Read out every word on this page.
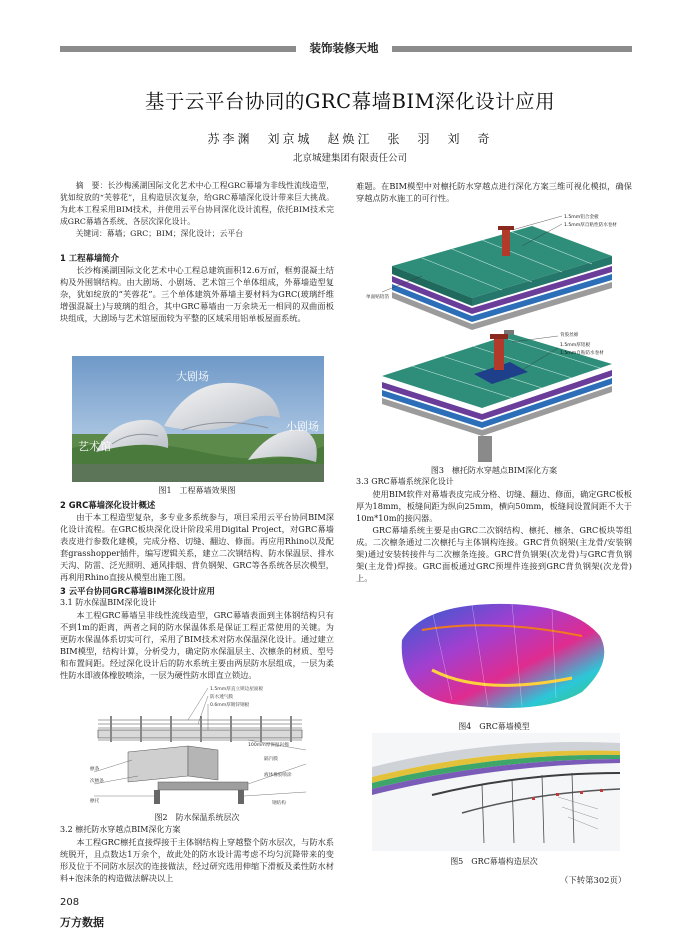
装饰装修天地
基于云平台协同的GRC幕墙BIM深化设计应用
苏李渊　刘京城　赵焕江　张　羽　刘　奇
北京城建集团有限责任公司

摘　要：长沙梅溪湖国际文化艺术中心工程GRC幕墙为非线性流线造型，犹如绽放的“芙蓉花”，且构造层次复杂，给GRC幕墙深化设计带来巨大挑战。为此本工程采用BIM技术，并使用云平台协同深化设计流程，依托BIM技术完成GRC幕墙各系统、各层次深化设计。

关键词：幕墙；GRC；BIM；深化设计；云平台

1 工程幕墙简介

长沙梅溪湖国际文化艺术中心工程总建筑面积12.6万㎡，框剪混凝土结构及外围钢结构。由大剧场、小剧场、艺术馆三个单体组成，外幕墙造型复杂，犹如绽放的“芙蓉花”。三个单体建筑外幕墙主要材料为GRC(玻璃纤维增强混凝土)与玻璃的组合，其中GRC幕墙由一万余块无一相同的双曲面板块组成，大剧场与艺术馆屋面较为平整的区域采用铝单板屋面系统。

大剧场
小剧场
艺术馆
图1　工程幕墙效果图

2 GRC幕墙深化设计概述

由于本工程造型复杂，多专业多系统参与，项目采用云平台协同BIM深化设计流程。在GRC板块深化设计阶段采用Digital Project，对GRC幕墙表皮进行参数化建模，完成分格、切缝、翻边、修面。再应用Rhino以及配套grasshopper插件，编写逻辑关系，建立二次钢结构、防水保温层、排水天沟、防雷、泛光照明、通风排烟、背负钢架、GRC等各系统各层次模型，再利用Rhino直接从模型出施工图。

3 云平台协同GRC幕墙BIM深化设计应用

3.1 防水保温BIM深化设计

本工程GRC幕墙呈非线性流线造型，GRC幕墙表面到主体钢结构只有不到1m的距离，两者之间的防水保温体系是保证工程正常使用的关键。为更防水保温体系切实可行，采用了BIM技术对防水保温深化设计。通过建立BIM模型，结构计算，分析受力，确定防水保温层主、次檩条的材质、型号和布置间距。经过深化设计后的防水系统主要由两层防水层组成，一层为柔性防水即液体橡胶喷涂，一层为硬性防水即直立锁边。

1.5mm厚直立锁边屋面板
防水透气膜
0.6mm厚镀锌钢板
100mm厚保温岩棉
隔汽膜
檩条
次檩条
液体橡胶喷涂
檩托	钢结构
图2　防水保温系统层次

3.2 檩托防水穿越点BIM深化方案

本工程GRC檩托直接焊接于主体钢结构上穿越整个防水层次，与防水系统脱开，且点数达1万余个，故此处的防水设计需考虑不均匀沉降带来的变形及位于不同防水层次的连接做法，经过研究选用伸缩下滑板及柔性防水材料+泡沫条的构造做法解决以上

难题。在BIM模型中对檩托防水穿越点进行深化方案三维可视化模拟，确保穿越点防水施工的可行性。

1.5mm铝合金板
1.5mm厚自粘性防水卷材
单面贴铝箔
背胶丝绵
1.5mm厚铝板
1.5mm自粘防水卷材
图3　檩托防水穿越点BIM深化方案

3.3 GRC幕墙系统深化设计

使用BIM软件对幕墙表皮完成分格、切缝、翻边、修面，确定GRC板板厚为18mm，板缝间距为纵向25mm，横向50mm，板缝间设置间距不大于10m*10m的接闪器。

GRC幕墙系统主要是由GRC二次钢结构、檩托、檩条、GRC板块等组成。二次檩条通过二次檩托与主体钢构连接。GRC背负钢架(主龙骨/安装钢架)通过安装转接件与二次檩条连接。GRC背负钢架(次龙骨)与GRC背负钢架(主龙骨)焊接。GRC面板通过GRC预埋件连接到GRC背负钢架(次龙骨)上。

图4　GRC幕墙模型
图5　GRC幕墙构造层次
（下转第302页）
208
万方数据
